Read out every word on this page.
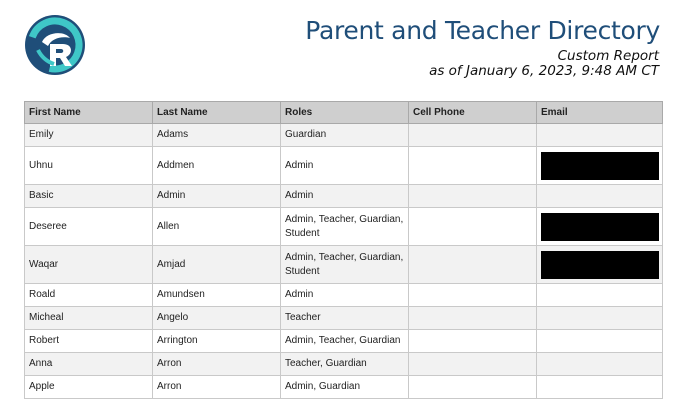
Parent and Teacher Directory
Custom Report
as of January 6, 2023, 9:48 AM CT
First Name	Last Name	Roles	Cell Phone	Email
Emily	Adams	Guardian		
Uhnu	Addmen	Admin		

Basic	Admin	Admin		
Deseree	Allen	Admin, Teacher, Guardian, Student		

Waqar	Amjad	Admin, Teacher, Guardian, Student		

Roald	Amundsen	Admin		
Micheal	Angelo	Teacher		
Robert	Arrington	Admin, Teacher, Guardian		
Anna	Arron	Teacher, Guardian		
Apple	Arron	Admin, Guardian		
